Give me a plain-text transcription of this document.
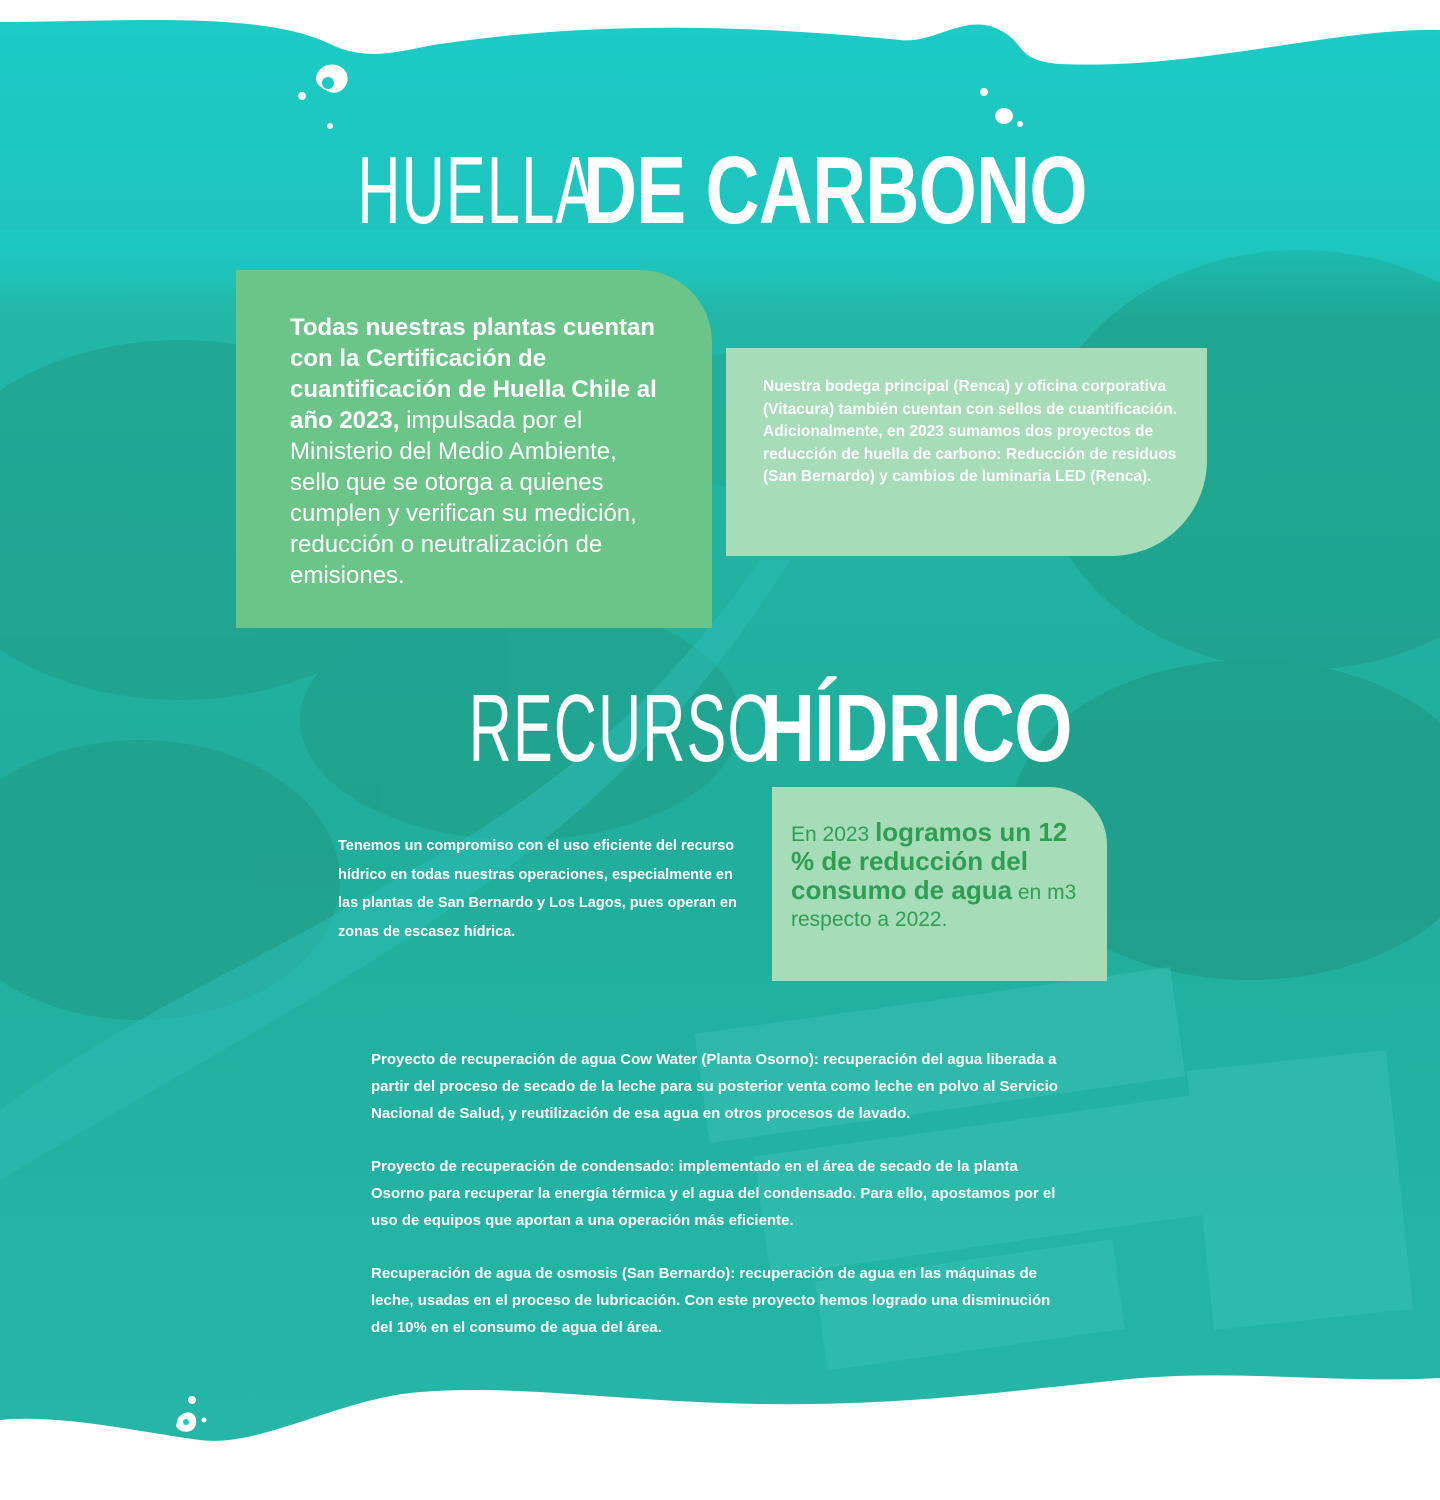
HUELLA DE CARBONO
Todas nuestras plantas cuentan con la Certificación de cuantificación de Huella Chile al año 2023, impulsada por el Ministerio del Medio Ambiente, sello que se otorga a quienes cumplen y verifican su medición, reducción o neutralización de emisiones.
Nuestra bodega principal (Renca) y oficina corporativa (Vitacura) también cuentan con sellos de cuantificación. Adicionalmente, en 2023 sumamos dos proyectos de reducción de huella de carbono: Reducción de residuos (San Bernardo) y cambios de luminaria LED (Renca).
RECURSO HÍDRICO
Tenemos un compromiso con el uso eficiente del recurso hídrico en todas nuestras operaciones, especialmente en las plantas de San Bernardo y Los Lagos, pues operan en zonas de escasez hídrica.
En 2023 logramos un 12 % de reducción del consumo de agua en m3 respecto a 2022.

Proyecto de recuperación de agua Cow Water (Planta Osorno): recuperación del agua liberada a partir del proceso de secado de la leche para su posterior venta como leche en polvo al Servicio Nacional de Salud, y reutilización de esa agua en otros procesos de lavado.

Proyecto de recuperación de condensado: implementado en el área de secado de la planta Osorno para recuperar la energía térmica y el agua del condensado. Para ello, apostamos por el uso de equipos que aportan a una operación más eficiente.

Recuperación de agua de osmosis (San Bernardo): recuperación de agua en las máquinas de leche, usadas en el proceso de lubricación. Con este proyecto hemos logrado una disminución del 10% en el consumo de agua del área.
